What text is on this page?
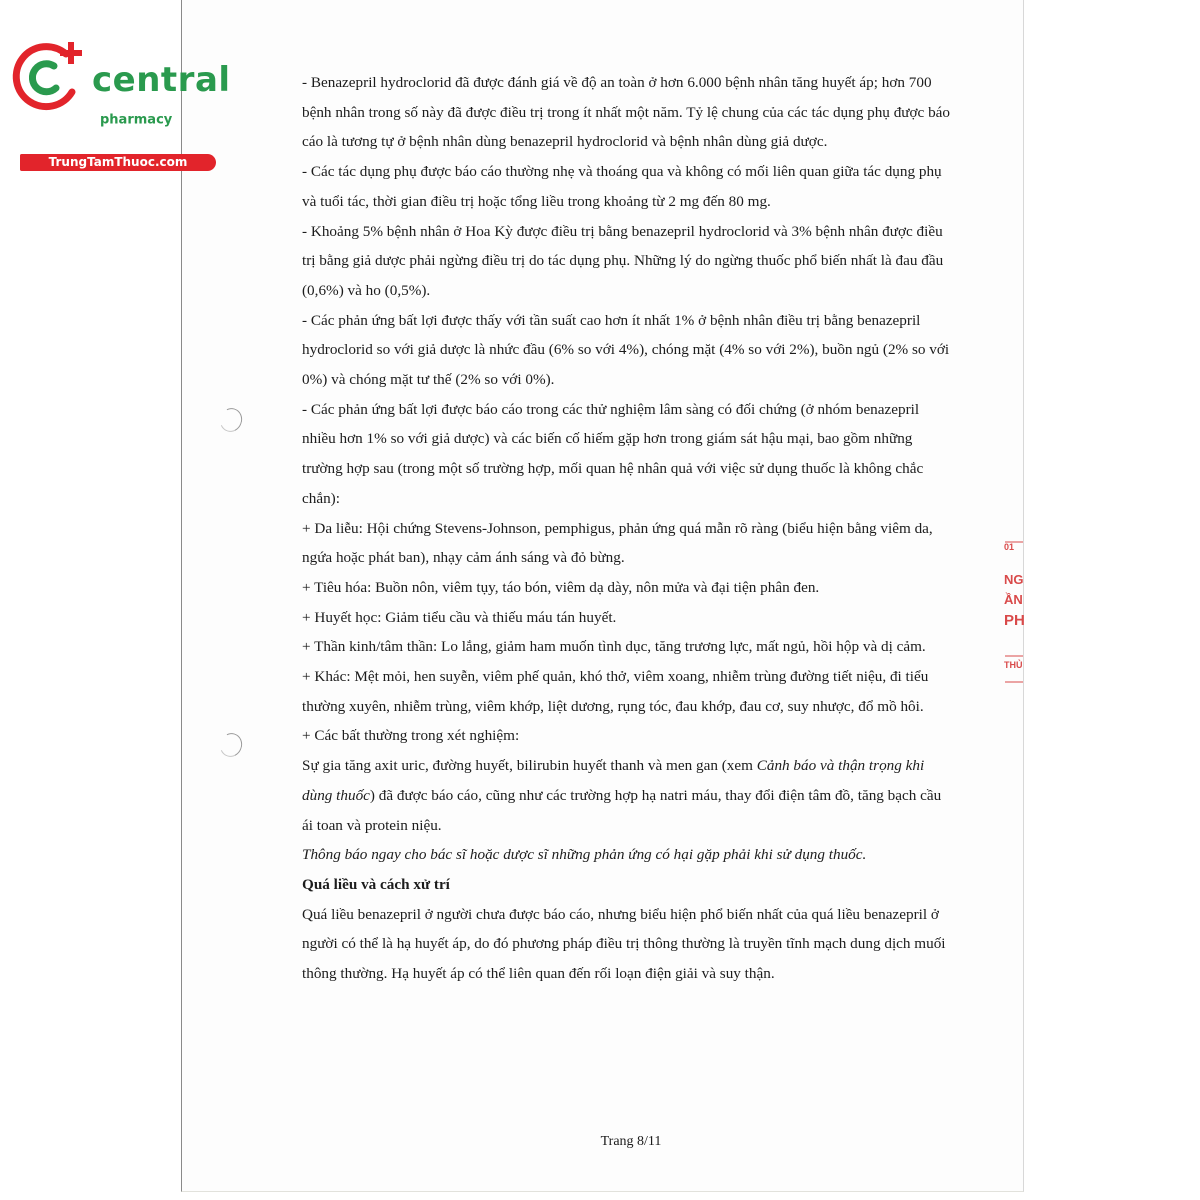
central
pharmacy
TrungTamThuoc.com
01
NG
ẦN
PH
THỦ

- Benazepril hydroclorid đã được đánh giá về độ an toàn ở hơn 6.000 bệnh nhân tăng huyết áp; hơn 700 bệnh nhân trong số này đã được điều trị trong ít nhất một năm. Tỷ lệ chung của các tác dụng phụ được báo cáo là tương tự ở bệnh nhân dùng benazepril hydroclorid và bệnh nhân dùng giả dược.

- Các tác dụng phụ được báo cáo thường nhẹ và thoáng qua và không có mối liên quan giữa tác dụng phụ và tuổi tác, thời gian điều trị hoặc tổng liều trong khoảng từ 2 mg đến 80 mg.

- Khoảng 5% bệnh nhân ở Hoa Kỳ được điều trị bằng benazepril hydroclorid và 3% bệnh nhân được điều trị bằng giả dược phải ngừng điều trị do tác dụng phụ. Những lý do ngừng thuốc phổ biến nhất là đau đầu (0,6%) và ho (0,5%).

- Các phản ứng bất lợi được thấy với tần suất cao hơn ít nhất 1% ở bệnh nhân điều trị bằng benazepril hydroclorid so với giả dược là nhức đầu (6% so với 4%), chóng mặt (4% so với 2%), buồn ngủ (2% so với 0%) và chóng mặt tư thế (2% so với 0%).

- Các phản ứng bất lợi được báo cáo trong các thử nghiệm lâm sàng có đối chứng (ở nhóm benazepril nhiều hơn 1% so với giả dược) và các biến cố hiếm gặp hơn trong giám sát hậu mại, bao gồm những trường hợp sau (trong một số trường hợp, mối quan hệ nhân quả với việc sử dụng thuốc là không chắc chắn):

+ Da liễu: Hội chứng Stevens-Johnson, pemphigus, phản ứng quá mẫn rõ ràng (biểu hiện bằng viêm da, ngứa hoặc phát ban), nhạy cảm ánh sáng và đỏ bừng.

+ Tiêu hóa: Buồn nôn, viêm tụy, táo bón, viêm dạ dày, nôn mửa và đại tiện phân đen.

+ Huyết học: Giảm tiểu cầu và thiếu máu tán huyết.

+ Thần kinh/tâm thần: Lo lắng, giảm ham muốn tình dục, tăng trương lực, mất ngủ, hồi hộp và dị cảm.

+ Khác: Mệt mỏi, hen suyễn, viêm phế quản, khó thở, viêm xoang, nhiễm trùng đường tiết niệu, đi tiểu thường xuyên, nhiễm trùng, viêm khớp, liệt dương, rụng tóc, đau khớp, đau cơ, suy nhược, đổ mồ hôi.

+ Các bất thường trong xét nghiệm:

Sự gia tăng axit uric, đường huyết, bilirubin huyết thanh và men gan (xem Cảnh báo và thận trọng khi dùng thuốc) đã được báo cáo, cũng như các trường hợp hạ natri máu, thay đổi điện tâm đồ, tăng bạch cầu ái toan và protein niệu.

Thông báo ngay cho bác sĩ hoặc dược sĩ những phản ứng có hại gặp phải khi sử dụng thuốc.

Quá liều và cách xử trí

Quá liều benazepril ở người chưa được báo cáo, nhưng biểu hiện phổ biến nhất của quá liều benazepril ở người có thể là hạ huyết áp, do đó phương pháp điều trị thông thường là truyền tĩnh mạch dung dịch muối thông thường. Hạ huyết áp có thể liên quan đến rối loạn điện giải và suy thận.

Trang 8/11
